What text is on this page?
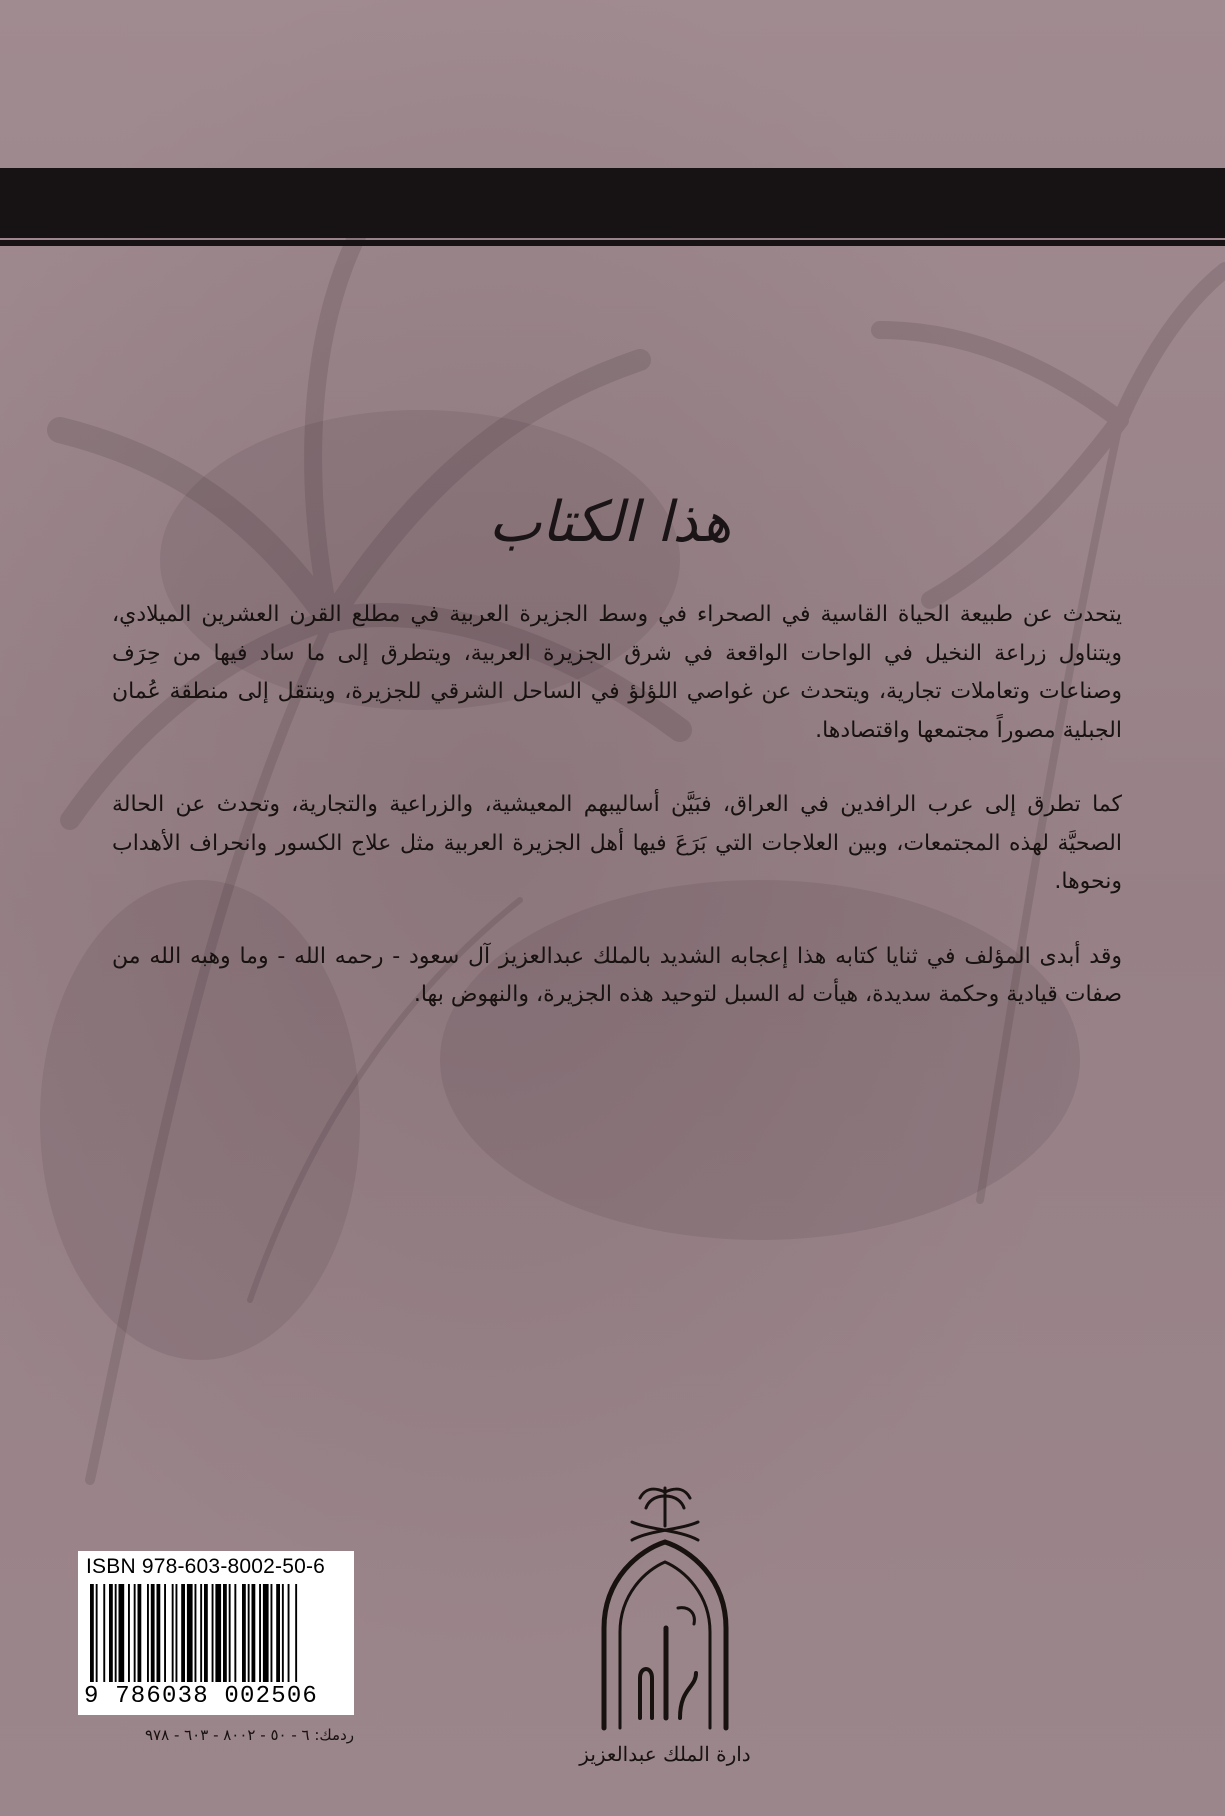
هذا الكتاب

يتحدث عن طبيعة الحياة القاسية في الصحراء في وسط الجزيرة العربية في مطلع القرن العشرين الميلادي، ويتناول زراعة النخيل في الواحات الواقعة في شرق الجزيرة العربية، ويتطرق إلى ما ساد فيها من حِرَف وصناعات وتعاملات تجارية، ويتحدث عن غواصي اللؤلؤ في الساحل الشرقي للجزيرة، وينتقل إلى منطقة عُمان الجبلية مصوراً مجتمعها واقتصادها.

كما تطرق إلى عرب الرافدين في العراق، فبَيَّن أساليبهم المعيشية، والزراعية والتجارية، وتحدث عن الحالة الصحيَّة لهذه المجتمعات، وبين العلاجات التي بَرَعَ فيها أهل الجزيرة العربية مثل علاج الكسور وانحراف الأهداب ونحوها.

وقد أبدى المؤلف في ثنايا كتابه هذا إعجابه الشديد بالملك عبدالعزيز آل سعود - رحمه الله - وما وهبه الله من صفات قيادية وحكمة سديدة، هيأت له السبل لتوحيد هذه الجزيرة، والنهوض بها.

ISBN 978-603-8002-50-6
9 786038 002506
ردمك: ٦ - ٥٠ - ٨٠٠٢ - ٦٠٣ - ٩٧٨
الدارة
دارة الملك عبدالعزيز
